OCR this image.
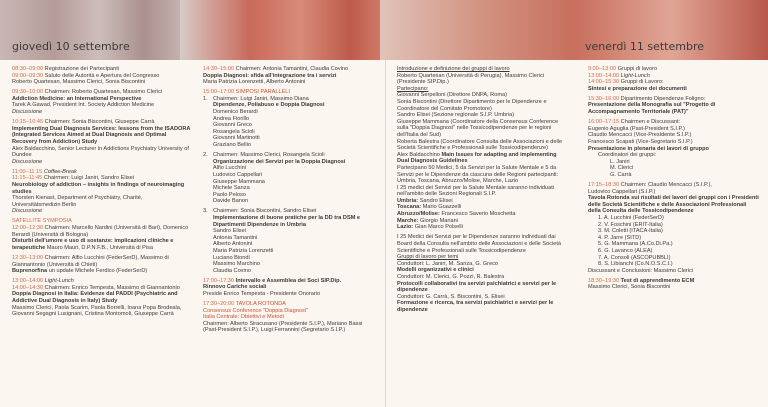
giovedì 10 settembre	venerdì 11 settembre

08:30–09:00 Registrazione dei Partecipanti

09:00–09:30 Saluto delle Autorità e Apertura del Congresso

Roberto Quartesan, Massimo Clerici, Sonia Biscontini

09:30–10:00 Chairmen: Roberto Quartesan, Massimo Clerici

Addiction Medicine: an International Perspective

Tarek A.Gawad, President Int. Society Addiction Medicine

Discussione

10:15–10:45 Chairmen: Sonia Biscontini, Giuseppe Carrà

Implementing Dual Diagnosis Services: lessons from the ISADORA (Integrated Services Aimed at Dual Diagnosis and Optimal Recovery from Addiction) Study

Alex Baldacchino, Senior Lecturer in Addictions Psychiatry University of Dundee

Discussione

11:00–11:15 Coffee-Break

11:15–11:45 Chairmen: Luigi Janiri, Sandro Elisei

Neurobiology of addiction – insights in findings of neuroimaging studies

Thorsten Kienast, Department of Psychiatry, Charité, Universitätsmedizin Berlin

Discussione

SATELLITE SYMPOSIA

12:00–12:30 Chairmen: Marcello Nardini (Università di Bari), Domenico Berardi (Università di Bologna)

Disturbi dell'umore e uso di sostanze: implicazioni cliniche e terapeutiche Mauro Mauri, D.P.N.F.B., Università di Pisa

12:30–13:00 Chairmen: Alfio Lucchini (FederSerD), Massimo di Giannantonio (Università di Chieti)

Buprenorfina un update Michele Ferdico (FederSerD)

13:00–14:00 Light-Lunch

14:00–14:30 Chairmen: Enrico Tempesta, Massimo di Giannantonio

Doppia Diagnosi in Italia: Evidenze dal PADDI (Psychiatric and Addictive Dual Diagnosis in Italy) Study

Massimo Clerici, Paola Scarim, Paola Borrelli, Ioana Popa Brodeala, Giovanni Segagni Lusignani, Cristina Montomoli, Giuseppe Carrà

14:30–15:00 Chairmen: Antonia Tamantini, Claudia Covino

Doppia Diagnosi: sfida all'integrazione tra i servizi

Maria Patrizia Lorenzetti, Alberto Antonini

15:00–17:00 SIMPOSI PARALLELI

1. Chairmen: Luigi Janiri, Massimo Diana

Dipendenze, Poliabuso e Doppia Diagnosi

Domenico Berardi

Andrea Fiorillo

Giovanni Greco

Rosangela Scioli

Giovanni Martinotti

Graziano Bellio

2. Chairmen: Massimo Clerici, Rosangela Scioli

Organizzazione dei Servizi per la Doppia Diagnosi

Alfio Lucchini

Ludovico Cappellari

Giuseppe Mammana

Michele Sanza

Paolo Peloso

Davide Banon

3. Chairmen: Sonia Biscontini, Sandro Elisei

Implementazione di buone pratiche per la DD tra DSM e Dipartimenti Dipendenze in Umbria

Sandro Elisei

Antonia Tamantini

Alberto Antonini

Maria Patrizia Lorenzetti

Luciano Biondi

Massimo Marchino

Claudia Covino

17:00–17:30 Intervallo e Assemblea dei Soci SIP.Dip.

Rinnovo Cariche sociali

Preside Enrico Tempesta - Presidente Onorario

17:30–20:00 TAVOLA ROTONDA

Consensus Conference "Doppia Diagnosi"

Italia Centrale: Obiettivi e Metodi

Chairmen: Alberto Siracusano (Presidente S.I.P.), Mariano Bassi (Past-President S.I.P.), Luigi Ferrannini (Segretario S.I.P.)

Introduzione e definizione dei gruppi di lavoro

Roberto Quartesan (Università di Perugia), Massimo Clerici (Presidente SIP.Dip.)

Partecipano:

Giovanni Serpelloni (Direttore DNPA, Roma)

Sonia Biscontini (Direttore Dipartimento per le Dipendenze e Coordinatore del Comitato Promotore)

Sandro Elisei (Sezione regionale S.I.P. Umbria)

Giuseppe Mammana (Coordinatore della Consensus Conference sulla "Doppia Diagnosi" nelle Tossicodipendenze per le regioni dell'Italia del Sud)

Roberta Balestra (Coordinatore Consulta delle Associazioni e delle Società Scientifiche e Professionali sulle Tossicodipendenze)

Alex Baldacchino Main Issues for adapting and implementing Dual Diagnosis Guidelines

Partecipano 50 Medici, 5 da Servizi per la Salute Mentale e 5 da Servizi per le Dipendenze da ciascuna delle Regioni partecipanti: Umbria, Toscana, Abruzzo/Molise, Marche, Lazio

I 25 medici dei Servizi per la Salute Mentale saranno individuati nell'ambito delle Sezioni Regionali S.I.P.

Umbria: Sandro Elisei

Toscana: Mario Guazzelli

Abruzzo/Molise: Francesco Saverio Moschetta

Marche: Giorgio Mariani

Lazio: Gian Marco Polselli

I 25 Medici dei Servizi per le Dipendenze saranno individuati dai Board della Consulta nell'ambito delle Associazioni e delle Società Scientifiche e Professionali sulle Tossicodipendenze

Gruppi di lavoro per temi

Conduttori: L. Janiri, M. Sanza, G. Greco

Modelli organizzativi e clinici

Conduttori: M. Clerici, G. Pozzi, R. Balestra

Protocolli collaborativi tra servizi psichiatrici e servizi per le dipendenze

Conduttori: G. Carrà, S. Biscontini, S. Elisei

Formazione e ricerca, tra servizi psichiatrici e servizi per le dipendenze

9:00–13:00 Gruppi di lavoro

13:00–14:00 Light-Lunch

14:00–15:30 Gruppi di Lavoro:

Sintesi e preparazione dei documenti

15:30–16:00 Dipartimento Dipendenze Foligno:

Presentazione della Monografia sul "Progetto di Accompagnamento Territoriale (PAT)"

16:00–17:15 Chairmen e Discussant:

Eugenio Aguglia (Past-President S.I.P.)

Claudio Mencacci (Vice-Presidente S.I.P.)

Francesco Scapati (Vice-Segretario S.I.P.)

Presentazione in plenaria dei lavori di gruppo

Coordinatori dei gruppi:

L. Janiri

M. Clerici

G. Carrà

17:15–18:30 Chairmen: Claudio Mencacci (S.I.P.),

Ludovico Cappellari (S.I.P.)

Tavola Rotonda sui risultati dei lavori dei gruppi con i Presidenti delle Società Scientifiche e delle Associazioni Professionali della Consulta delle Tossicodipendenze

1. A. Lucchini (FederSerD)

2. V. Foschini (ERIT-Italia)

3. M. Coletti (ITACA-Italia)

4. P. Jarre (SITD)

5. G. Mammana (A.Co.Di.Pa.)

6. G. Lavanco (ALEA)

7. A. Consoli (ASCOPUBBLI)

8. S. Libianchi (Co.N.O.S.C.I.)

Discussant e Conclusioni: Massimo Clerici

18:30–19:30 Test di apprendimento ECM

Massimo Clerici, Sonia Biscontini
